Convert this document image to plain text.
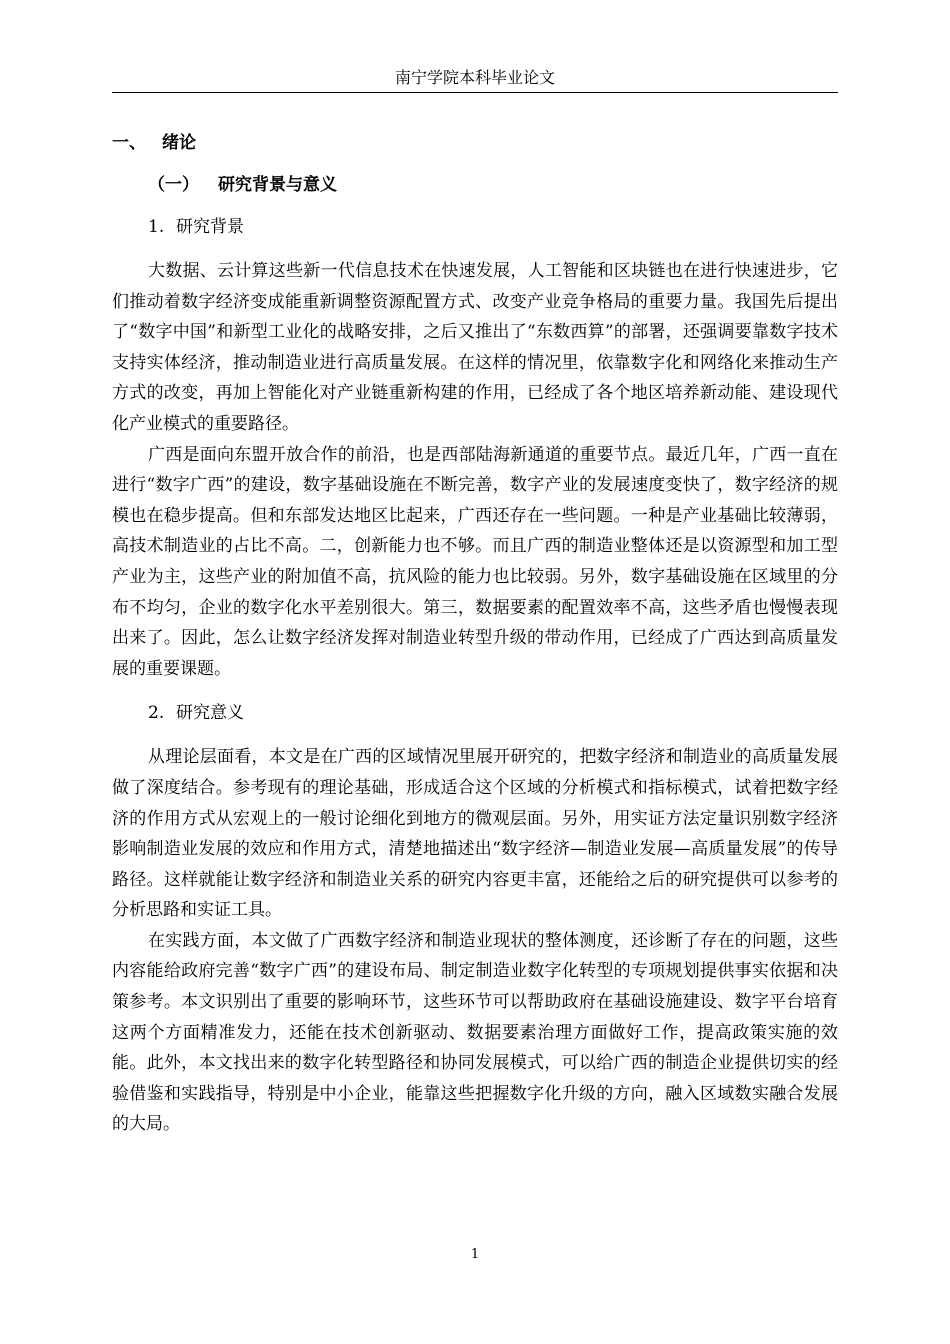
南宁学院本科毕业论文
一、 绪论
（一） 研究背景与意义
1. 研究背景

大数据、云计算这些新一代信息技术在快速发展，人工智能和区块链也在进行快速进步，它们推动着数字经济变成能重新调整资源配置方式、改变产业竞争格局的重要力量。我国先后提出了“数字中国”和新型工业化的战略安排，之后又推出了“东数西算”的部署，还强调要靠数字技术支持实体经济，推动制造业进行高质量发展。在这样的情况里，依靠数字化和网络化来推动生产方式的改变，再加上智能化对产业链重新构建的作用，已经成了各个地区培养新动能、建设现代化产业模式的重要路径。

广西是面向东盟开放合作的前沿，也是西部陆海新通道的重要节点。最近几年，广西一直在进行“数字广西”的建设，数字基础设施在不断完善，数字产业的发展速度变快了，数字经济的规模也在稳步提高。但和东部发达地区比起来，广西还存在一些问题。一种是产业基础比较薄弱，高技术制造业的占比不高。二，创新能力也不够。而且广西的制造业整体还是以资源型和加工型产业为主，这些产业的附加值不高，抗风险的能力也比较弱。另外，数字基础设施在区域里的分布不均匀，企业的数字化水平差别很大。第三，数据要素的配置效率不高，这些矛盾也慢慢表现出来了。因此，怎么让数字经济发挥对制造业转型升级的带动作用，已经成了广西达到高质量发展的重要课题。

2. 研究意义

从理论层面看，本文是在广西的区域情况里展开研究的，把数字经济和制造业的高质量发展做了深度结合。参考现有的理论基础，形成适合这个区域的分析模式和指标模式，试着把数字经济的作用方式从宏观上的一般讨论细化到地方的微观层面。另外，用实证方法定量识别数字经济影响制造业发展的效应和作用方式，清楚地描述出“数字经济—制造业发展—高质量发展”的传导路径。这样就能让数字经济和制造业关系的研究内容更丰富，还能给之后的研究提供可以参考的分析思路和实证工具。

在实践方面，本文做了广西数字经济和制造业现状的整体测度，还诊断了存在的问题，这些内容能给政府完善“数字广西”的建设布局、制定制造业数字化转型的专项规划提供事实依据和决策参考。本文识别出了重要的影响环节，这些环节可以帮助政府在基础设施建设、数字平台培育这两个方面精准发力，还能在技术创新驱动、数据要素治理方面做好工作，提高政策实施的效能。此外，本文找出来的数字化转型路径和协同发展模式，可以给广西的制造企业提供切实的经验借鉴和实践指导，特别是中小企业，能靠这些把握数字化升级的方向，融入区域数实融合发展的大局。

1
